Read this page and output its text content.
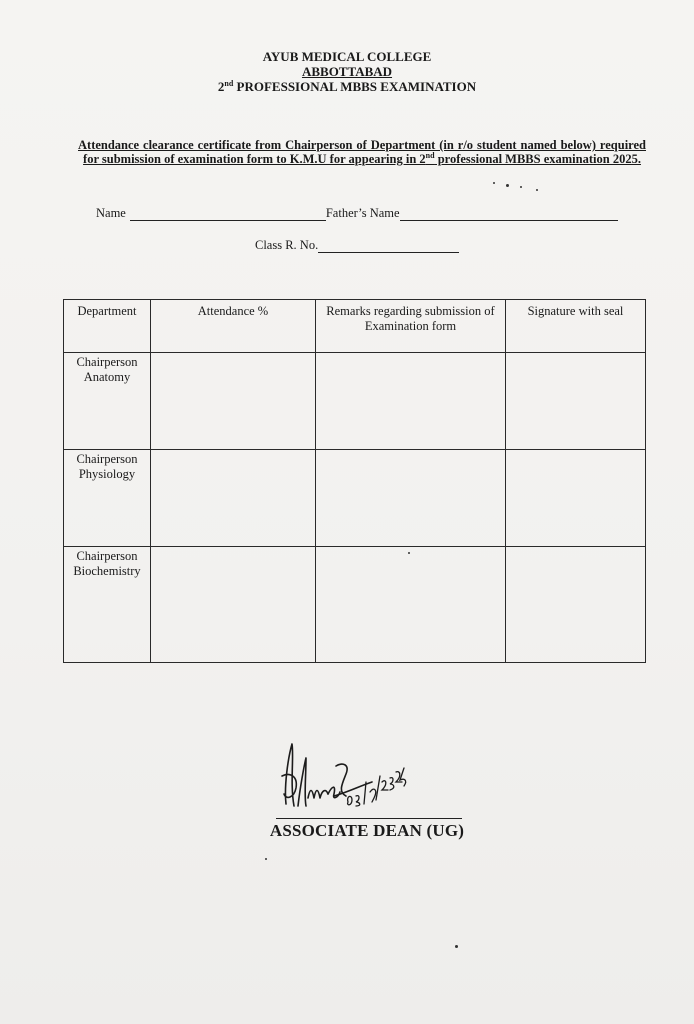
AYUB MEDICAL COLLEGE
ABBOTTABAD
2nd PROFESSIONAL MBBS EXAMINATION
Attendance clearance certificate from Chairperson of Department (in r/o student named below) required for submission of examination form to K.M.U for appearing in 2nd professional MBBS examination 2025.
Name	Father’s Name
Class R. No.
Department	Attendance %	Remarks regarding submission of Examination form	Signature with seal
Chairperson Anatomy			
Chairperson Physiology			
Chairperson Biochemistry			
ASSOCIATE DEAN (UG)
